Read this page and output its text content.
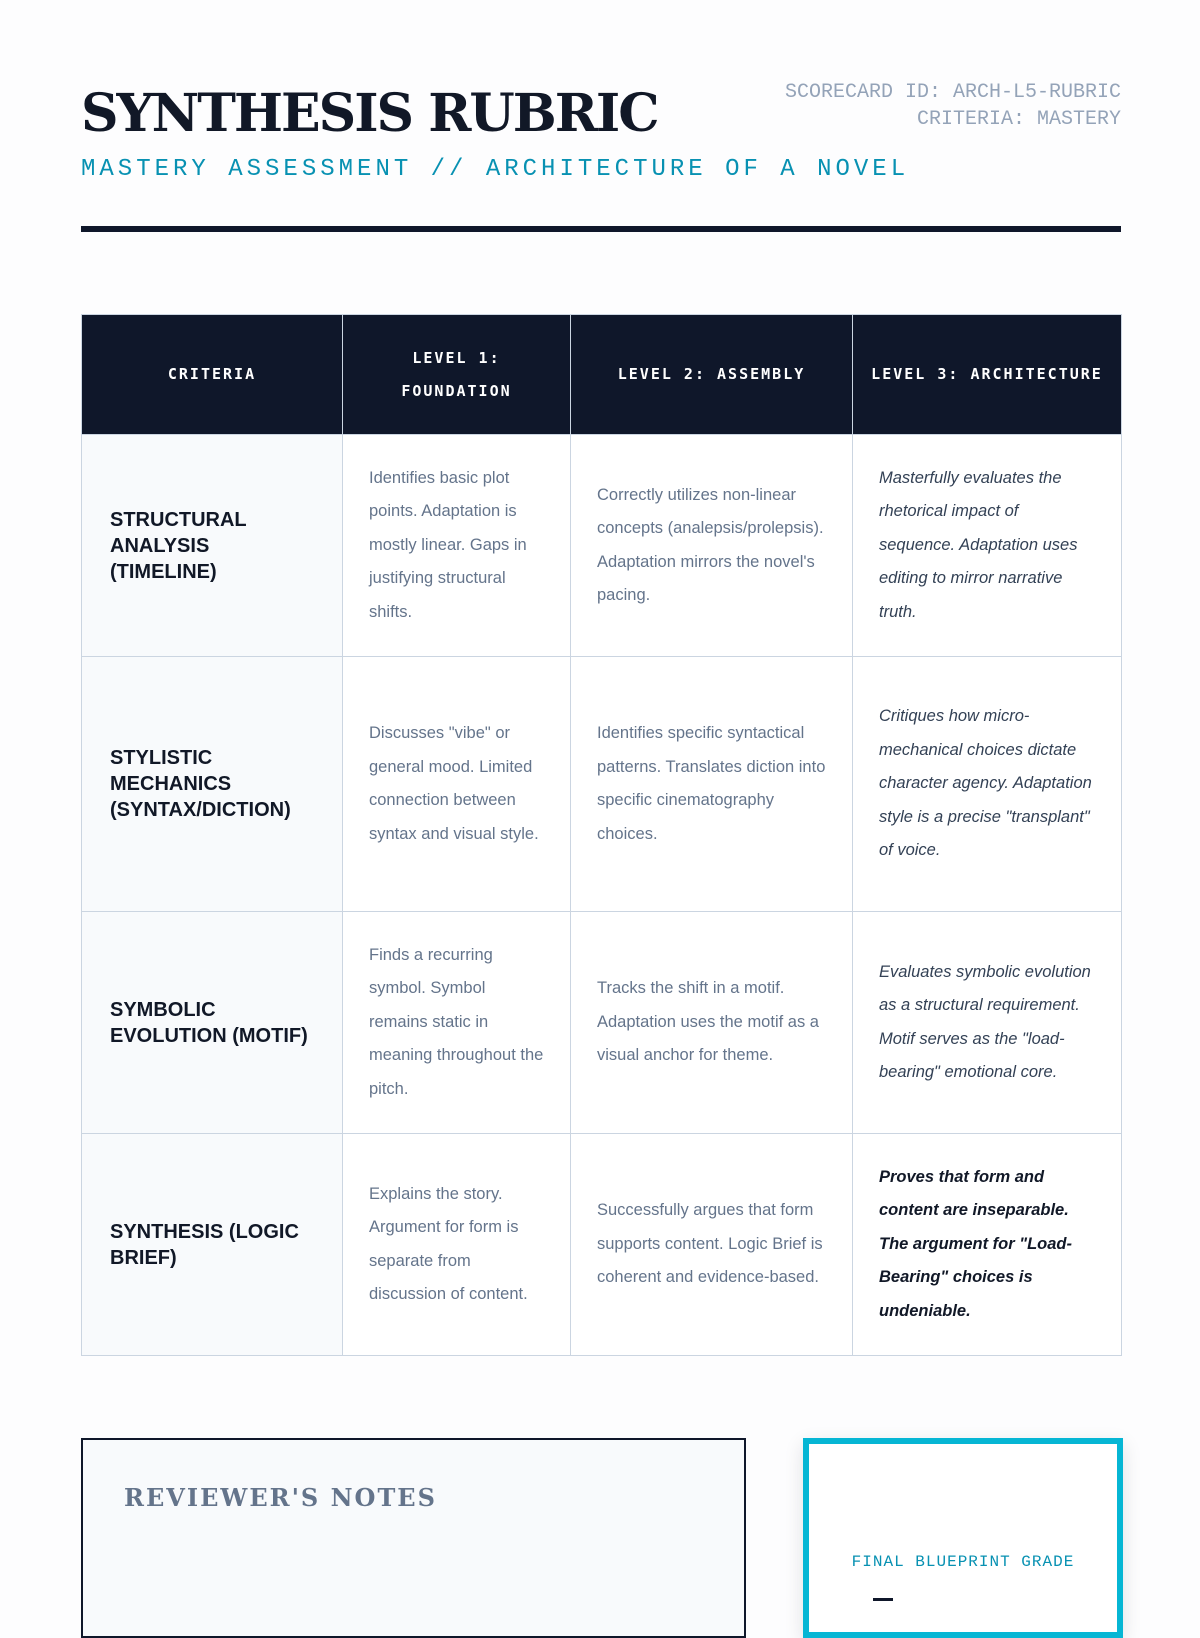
SYNTHESIS RUBRIC
MASTERY ASSESSMENT // ARCHITECTURE OF A NOVEL
SCORECARD ID: ARCH-L5-RUBRIC
CRITERIA: MASTERY
CRITERIA	LEVEL 1: FOUNDATION	LEVEL 2: ASSEMBLY	LEVEL 3: ARCHITECTURE
STRUCTURAL ANALYSIS (TIMELINE)	Identifies basic plot points. Adaptation is mostly linear. Gaps in justifying structural shifts.	Correctly utilizes non-linear concepts (analepsis/prolepsis). Adaptation mirrors the novel's pacing.	Masterfully evaluates the rhetorical impact of sequence. Adaptation uses editing to mirror narrative truth.
STYLISTIC MECHANICS (SYNTAX/DICTION)	Discusses "vibe" or general mood. Limited connection between syntax and visual style.	Identifies specific syntactical patterns. Translates diction into specific cinematography choices.	Critiques how micro-mechanical choices dictate character agency. Adaptation style is a precise "transplant" of voice.
SYMBOLIC EVOLUTION (MOTIF)	Finds a recurring symbol. Symbol remains static in meaning throughout the pitch.	Tracks the shift in a motif. Adaptation uses the motif as a visual anchor for theme.	Evaluates symbolic evolution as a structural requirement. Motif serves as the "load-bearing" emotional core.
SYNTHESIS (LOGIC BRIEF)	Explains the story. Argument for form is separate from discussion of content.	Successfully argues that form supports content. Logic Brief is coherent and evidence-based.	Proves that form and content are inseparable. The argument for "Load-Bearing" choices is undeniable.
REVIEWER'S NOTES
FINAL BLUEPRINT GRADE
